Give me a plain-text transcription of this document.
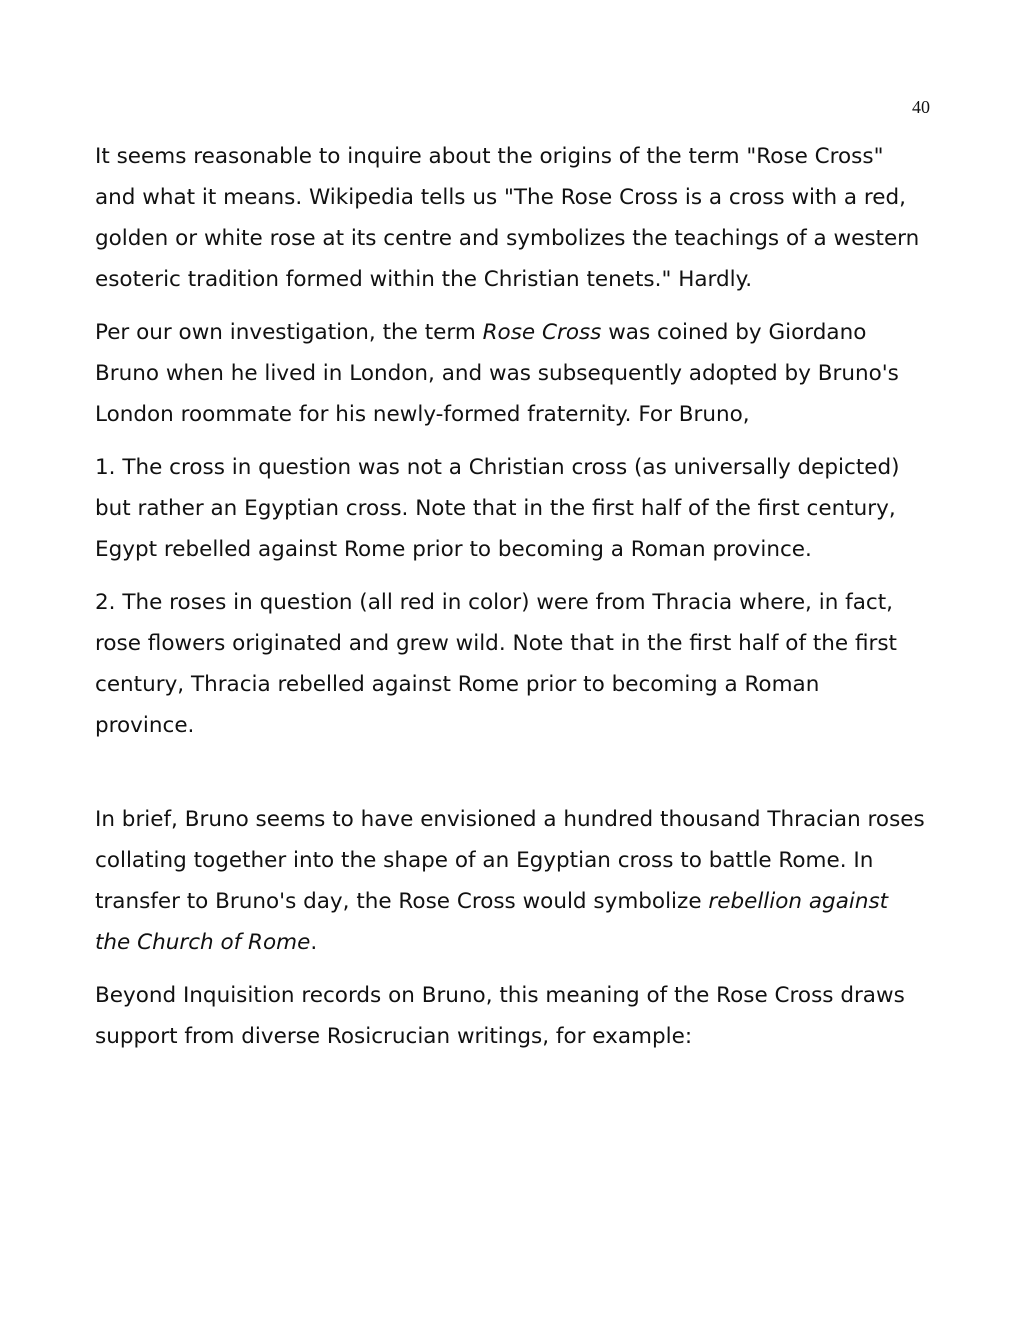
40

It seems reasonable to inquire about the origins of the term "Rose Cross" and what it means. Wikipedia tells us "The Rose Cross is a cross with a red, golden or white rose at its centre and symbolizes the teachings of a western esoteric tradition formed within the Christian tenets." Hardly.

Per our own investigation, the term Rose Cross was coined by Giordano Bruno when he lived in London, and was subsequently adopted by Bruno's London roommate for his newly-formed fraternity. For Bruno,

1. The cross in question was not a Christian cross (as universally depicted) but rather an Egyptian cross. Note that in the first half of the first century, Egypt rebelled against Rome prior to becoming a Roman province.

2. The roses in question (all red in color) were from Thracia where, in fact, rose flowers originated and grew wild. Note that in the first half of the first century, Thracia rebelled against Rome prior to becoming a Roman province.

In brief, Bruno seems to have envisioned a hundred thousand Thracian roses collating together into the shape of an Egyptian cross to battle Rome. In transfer to Bruno's day, the Rose Cross would symbolize rebellion against the Church of Rome.

Beyond Inquisition records on Bruno, this meaning of the Rose Cross draws support from diverse Rosicrucian writings, for example:
